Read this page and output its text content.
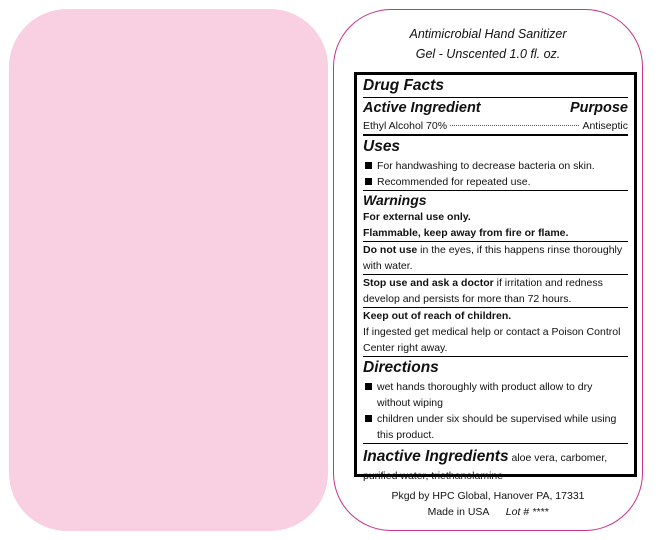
Antimicrobial Hand Sanitizer
Gel - Unscented 1.0 fl. oz.
Drug Facts
Active Ingredient	Purpose
Ethyl Alcohol 70%	Antiseptic
Uses
For handwashing to decrease bacteria on skin.
Recommended for repeated use.
Warnings
For external use only.
Flammable, keep away from fire or flame.
Do not use in the eyes, if this happens rinse thoroughly with water.
Stop use and ask a doctor if irritation and redness develop and persists for more than 72 hours.
Keep out of reach of children.
If ingested get medical help or contact a Poison Control Center right away.
Directions
wet hands thoroughly with product allow to dry without wiping
children under six should be supervised while using this product.
Inactive Ingredients aloe vera, carbomer, purified water, triethanolamine
Pkgd by HPC Global, Hanover PA, 17331
Made in USA Lot # ****
